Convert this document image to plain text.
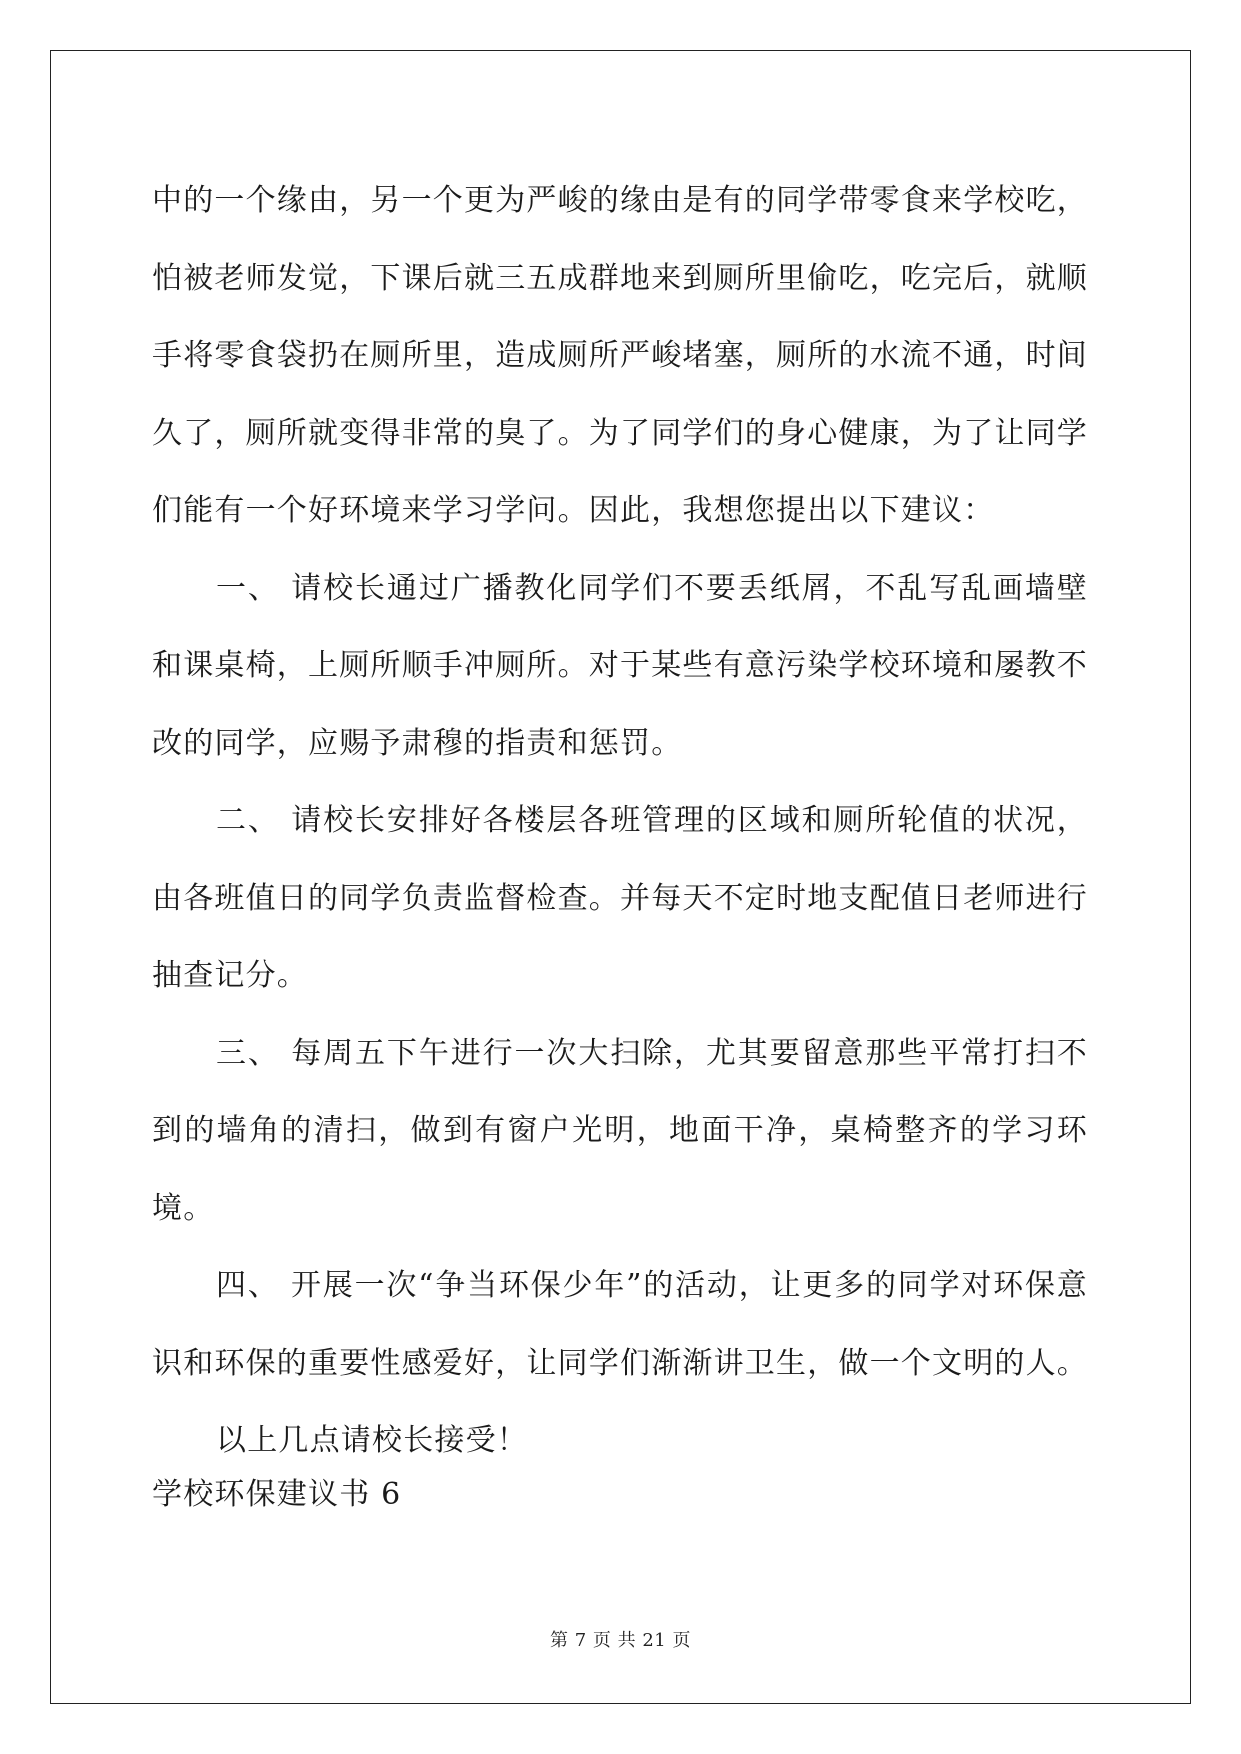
中的一个缘由，另一个更为严峻的缘由是有的同学带零食来学校吃，怕被老师发觉，下课后就三五成群地来到厕所里偷吃，吃完后，就顺手将零食袋扔在厕所里，造成厕所严峻堵塞，厕所的水流不通，时间久了，厕所就变得非常的臭了。为了同学们的身心健康，为了让同学们能有一个好环境来学习学问。因此，我想您提出以下建议：

一、 请校长通过广播教化同学们不要丢纸屑，不乱写乱画墙壁和课桌椅，上厕所顺手冲厕所。对于某些有意污染学校环境和屡教不改的同学，应赐予肃穆的指责和惩罚。

二、 请校长安排好各楼层各班管理的区域和厕所轮值的状况，由各班值日的同学负责监督检查。并每天不定时地支配值日老师进行抽查记分。

三、 每周五下午进行一次大扫除，尤其要留意那些平常打扫不到的墙角的清扫，做到有窗户光明，地面干净，桌椅整齐的学习环境。

四、 开展一次“争当环保少年”的活动，让更多的同学对环保意识和环保的重要性感爱好，让同学们渐渐讲卫生，做一个文明的人。

以上几点请校长接受！

学校环保建议书 6

第 7 页 共 21 页
